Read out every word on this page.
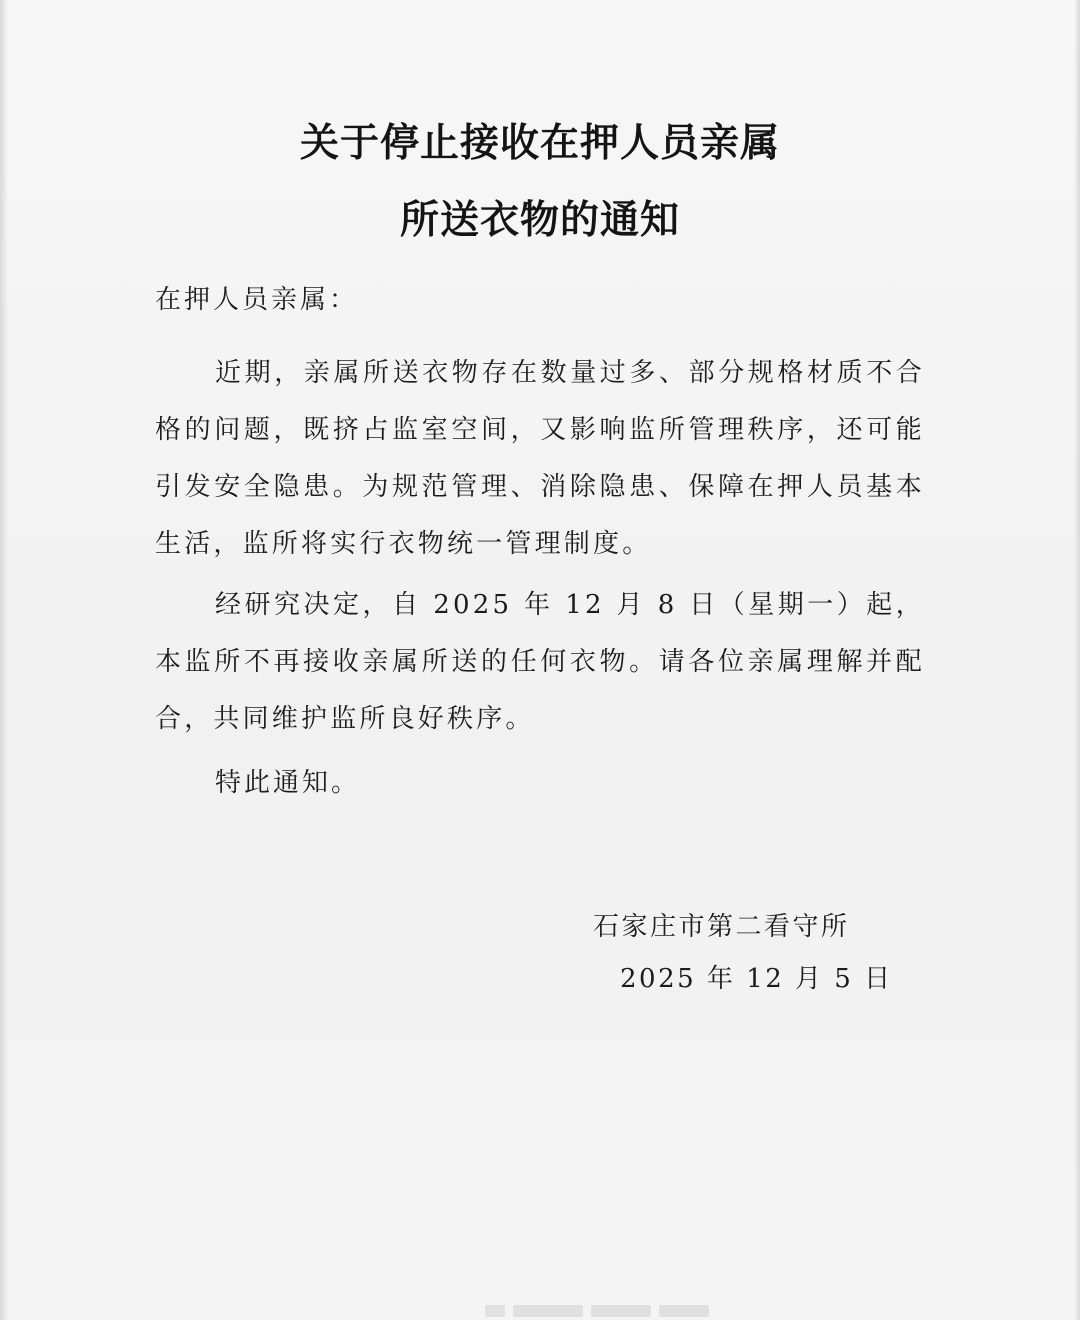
关于停止接收在押人员亲属
所送衣物的通知

在押人员亲属：

近期，亲属所送衣物存在数量过多、部分规格材质不合格的问题，既挤占监室空间，又影响监所管理秩序，还可能引发安全隐患。为规范管理、消除隐患、保障在押人员基本生活，监所将实行衣物统一管理制度。

经研究决定，自 2025 年 12 月 8 日（星期一）起，本监所不再接收亲属所送的任何衣物。请各位亲属理解并配合，共同维护监所良好秩序。

特此通知。

石家庄市第二看守所

2025 年 12 月 5 日
